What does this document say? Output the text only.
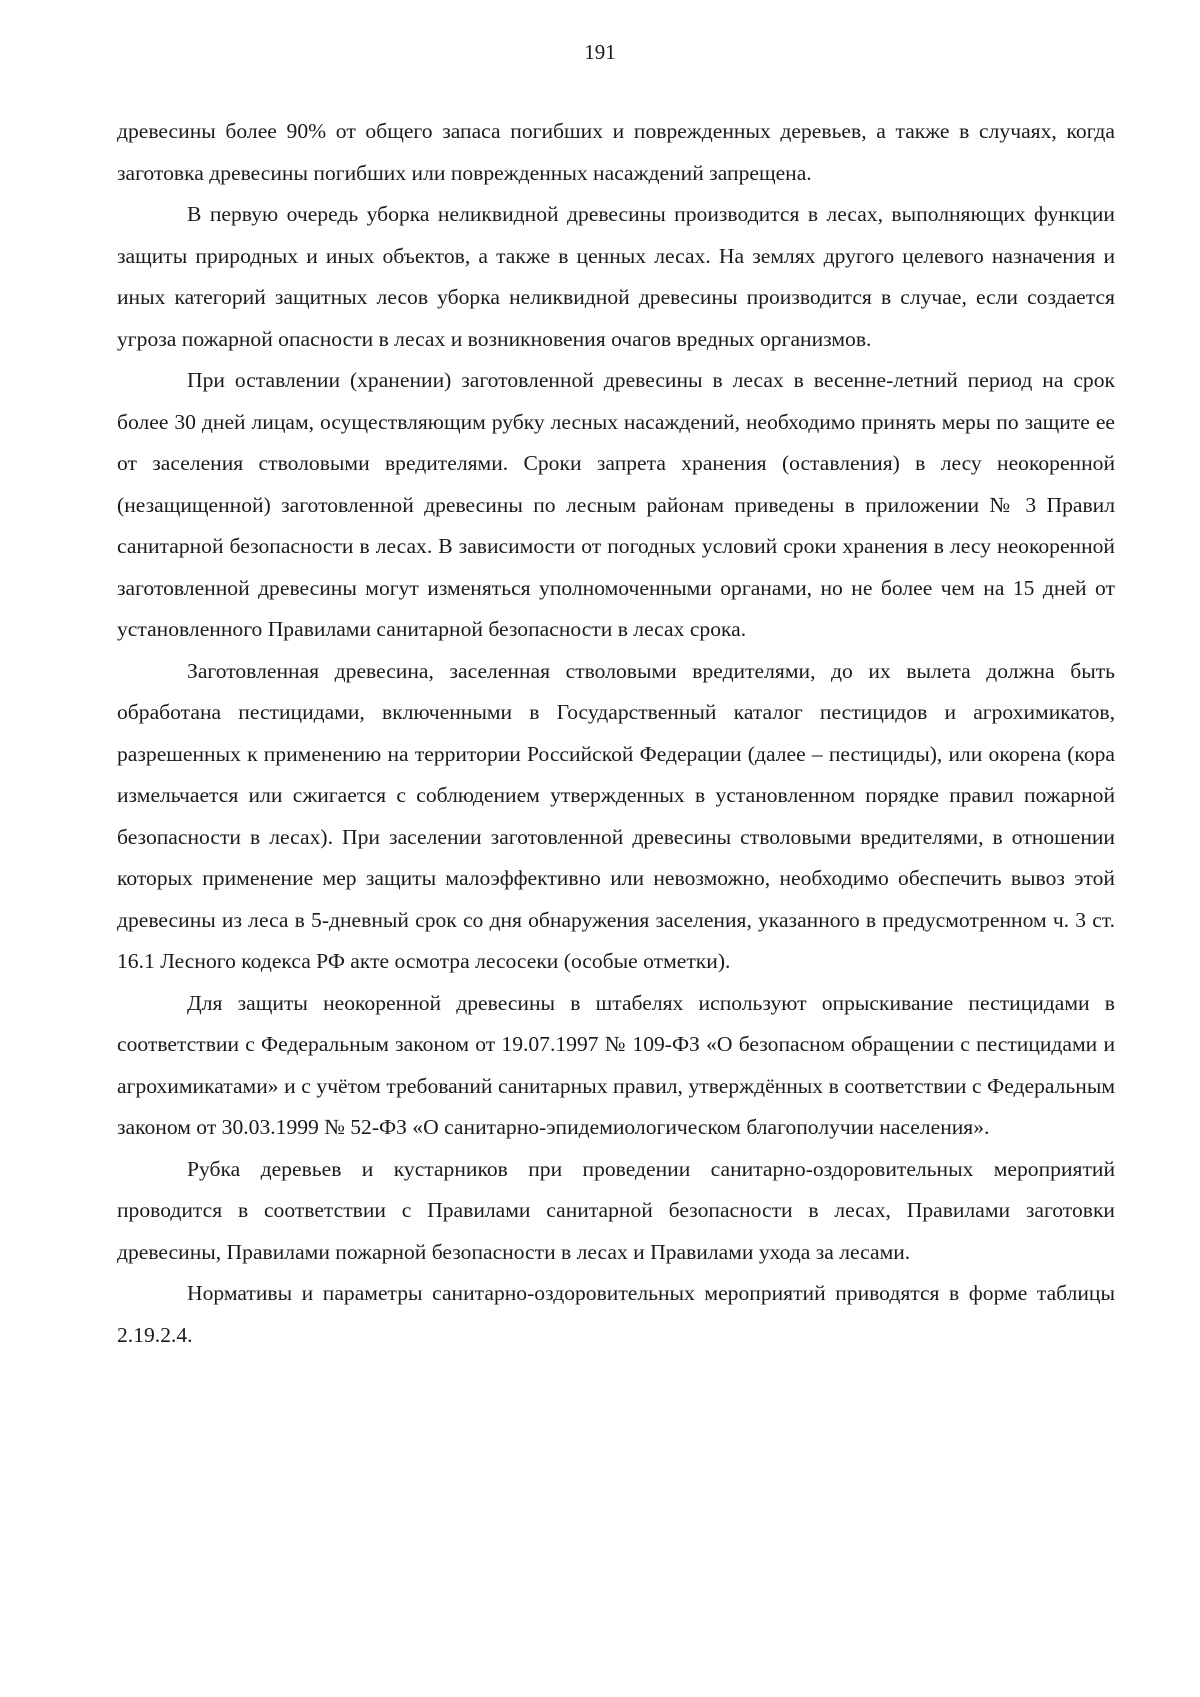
191

древесины более 90% от общего запаса погибших и поврежденных деревьев, а также в случаях, когда заготовка древесины погибших или поврежденных насаждений запрещена.

В первую очередь уборка неликвидной древесины производится в лесах, выполняющих функции защиты природных и иных объектов, а также в ценных лесах. На землях другого целевого назначения и иных категорий защитных лесов уборка неликвидной древесины производится в случае, если создается угроза пожарной опасности в лесах и возникновения очагов вредных организмов.

При оставлении (хранении) заготовленной древесины в лесах в весенне-летний период на срок более 30 дней лицам, осуществляющим рубку лесных насаждений, необходимо принять меры по защите ее от заселения стволовыми вредителями. Сроки запрета хранения (оставления) в лесу неокоренной (незащищенной) заготовленной древесины по лесным районам приведены в приложении № 3 Правил санитарной безопасности в лесах. В зависимости от погодных условий сроки хранения в лесу неокоренной заготовленной древесины могут изменяться уполномоченными органами, но не более чем на 15 дней от установленного Правилами санитарной безопасности в лесах срока.

Заготовленная древесина, заселенная стволовыми вредителями, до их вылета должна быть обработана пестицидами, включенными в Государственный каталог пестицидов и агрохимикатов, разрешенных к применению на территории Российской Федерации (далее – пестициды), или окорена (кора измельчается или сжигается с соблюдением утвержденных в установленном порядке правил пожарной безопасности в лесах). При заселении заготовленной древесины стволовыми вредителями, в отношении которых применение мер защиты малоэффективно или невозможно, необходимо обеспечить вывоз этой древесины из леса в 5-дневный срок со дня обнаружения заселения, указанного в предусмотренном ч. 3 ст. 16.1 Лесного кодекса РФ акте осмотра лесосеки (особые отметки).

Для защиты неокоренной древесины в штабелях используют опрыскивание пестицидами в соответствии с Федеральным законом от 19.07.1997 № 109-ФЗ «О безопасном обращении с пестицидами и агрохимикатами» и с учётом требований санитарных правил, утверждённых в соответствии с Федеральным законом от 30.03.1999 № 52-ФЗ «О санитарно-эпидемиологическом благополучии населения».

Рубка деревьев и кустарников при проведении санитарно-оздоровительных мероприятий проводится в соответствии с Правилами санитарной безопасности в лесах, Правилами заготовки древесины, Правилами пожарной безопасности в лесах и Правилами ухода за лесами.

Нормативы и параметры санитарно-оздоровительных мероприятий приводятся в форме таблицы 2.19.2.4.
